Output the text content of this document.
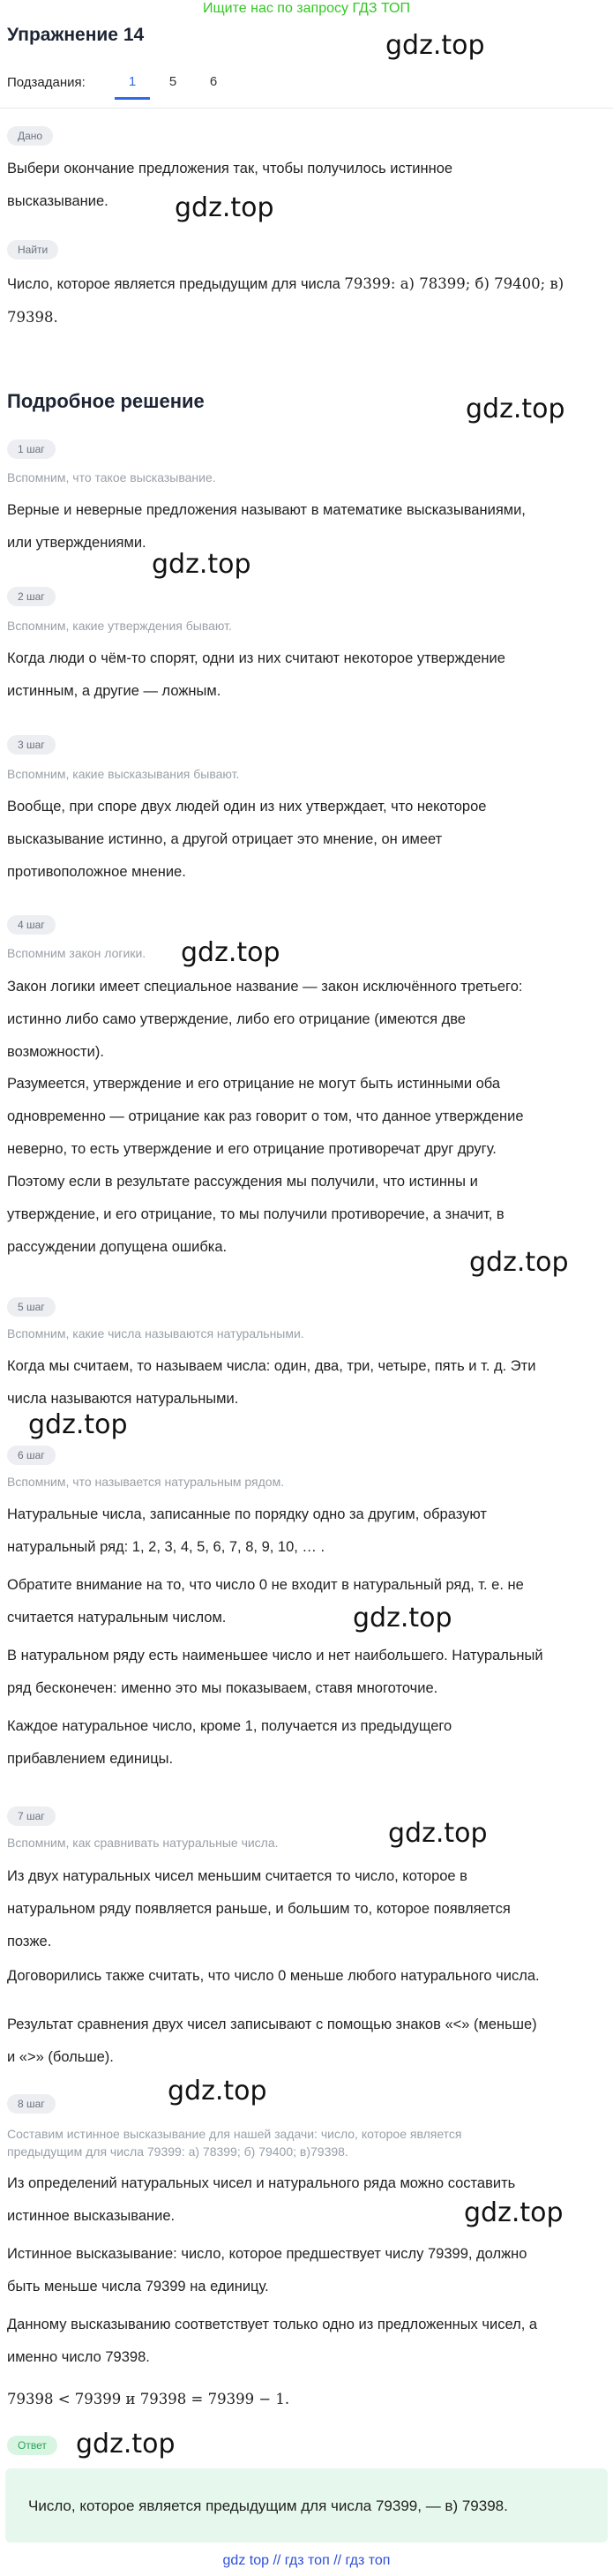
Ищите нас по запросу ГДЗ ТОП
Упражнение 14	gdz.top
Подзадания:	1	5	6
Дано
Выбери окончание предложения так, чтобы получилось истинное
высказывание.	gdz.top
Найти
Число, которое является предыдущим для числа 79399: а) 78399; б) 79400; в)
79398.
Подробное решение	gdz.top
1 шаг
Вспомним, что такое высказывание.
Верные и неверные предложения называют в математике высказываниями,
или утверждениями.
gdz.top
2 шаг
Вспомним, какие утверждения бывают.
Когда люди о чём-то спорят, одни из них считают некоторое утверждение
истинным, а другие — ложным.
3 шаг
Вспомним, какие высказывания бывают.
Вообще, при споре двух людей один из них утверждает, что некоторое
высказывание истинно, а другой отрицает это мнение, он имеет
противоположное мнение.
4 шаг
Вспомним закон логики. gdz.top
Закон логики имеет специальное название — закон исключённого третьего:
истинно либо само утверждение, либо его отрицание (имеются две
возможности).
Разумеется, утверждение и его отрицание не могут быть истинными оба
одновременно — отрицание как раз говорит о том, что данное утверждение
неверно, то есть утверждение и его отрицание противоречат друг другу.
Поэтому если в результате рассуждения мы получили, что истинны и
утверждение, и его отрицание, то мы получили противоречие, а значит, в
рассуждении допущена ошибка.	gdz.top
5 шаг
Вспомним, какие числа называются натуральными.
Когда мы считаем, то называем числа: один, два, три, четыре, пять и т. д. Эти
числа называются натуральными.
gdz.top
6 шаг
Вспомним, что называется натуральным рядом.
Натуральные числа, записанные по порядку одно за другим, образуют
натуральный ряд: 1, 2, 3, 4, 5, 6, 7, 8, 9, 10, … .
Обратите внимание на то, что число 0 не входит в натуральный ряд, т. е. не
считается натуральным числом.	gdz.top
В натуральном ряду есть наименьшее число и нет наибольшего. Натуральный
ряд бесконечен: именно это мы показываем, ставя многоточие.
Каждое натуральное число, кроме 1, получается из предыдущего
прибавлением единицы.
7 шаг
gdz.top
Вспомним, как сравнивать натуральные числа.
Из двух натуральных чисел меньшим считается то число, которое в
натуральном ряду появляется раньше, и большим то, которое появляется
позже.
Договорились также считать, что число 0 меньше любого натурального числа.
Результат сравнения двух чисел записывают с помощью знаков «<» (меньше)
и «>» (больше).
gdz.top
8 шаг
Составим истинное высказывание для нашей задачи: число, которое является
предыдущим для числа 79399: а) 78399; б) 79400; в)79398.
Из определений натуральных чисел и натурального ряда можно составить
истинное высказывание.	gdz.top
Истинное высказывание: число, которое предшествует числу 79399, должно
быть меньше числа 79399 на единицу.
Данному высказыванию соответствует только одно из предложенных чисел, а
именно число 79398.
79398 < 79399 и 79398 = 79399 − 1.
Ответ	gdz.top
Число, которое является предыдущим для числа 79399, — в) 79398.
gdz top // гдз топ // гдз топ
